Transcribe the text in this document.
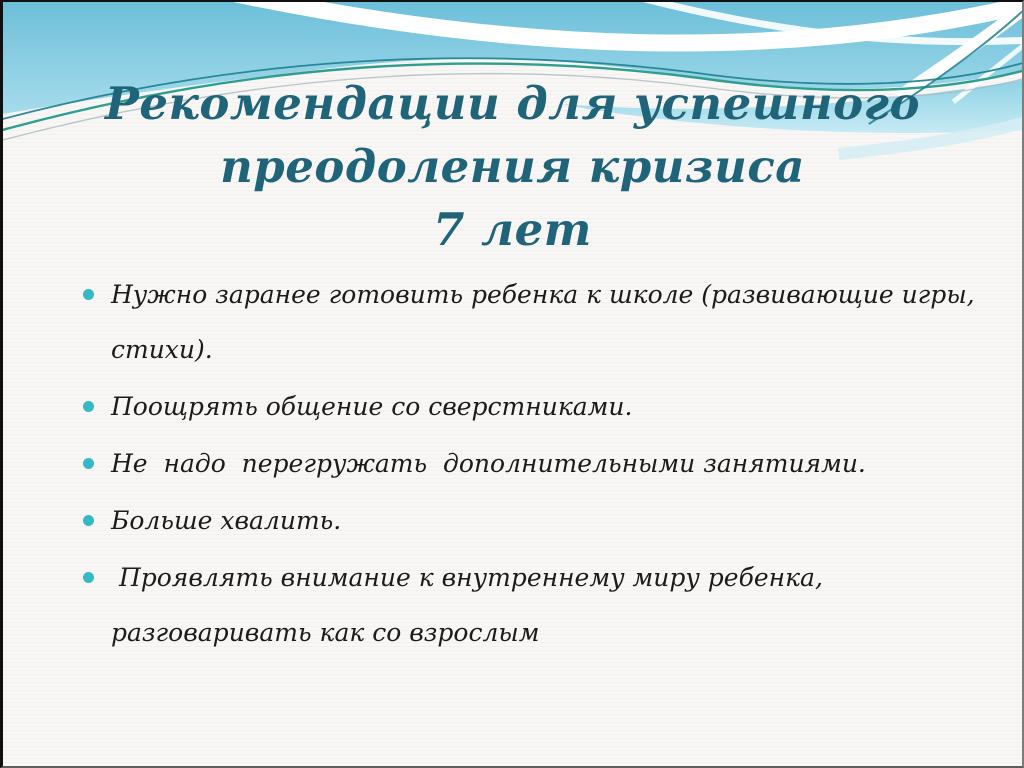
Рекомендации для успешного
преодоления кризиса
7 лет
Нужно заранее готовить ребенка к школе (развивающие игры, стихи).
Поощрять общение со сверстниками.
Не  надо  перегружать  дополнительными занятиями.
Больше хвалить.
Проявлять внимание к внутреннему миру ребенка, разговаривать как со взрослым
